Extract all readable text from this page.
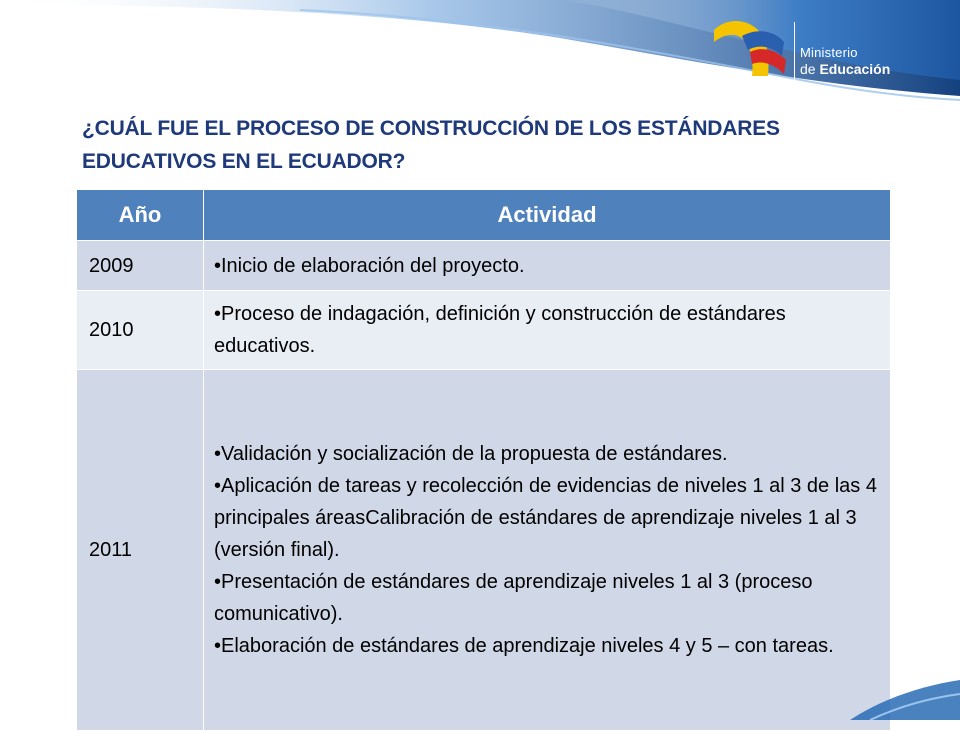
Ministerio
de Educación
¿CUÁL FUE EL PROCESO DE CONSTRUCCIÓN DE LOS ESTÁNDARES EDUCATIVOS EN EL ECUADOR?
Año	Actividad
2009	•Inicio de elaboración del proyecto.

2010	•Proceso de indagación, definición y construcción de estándares educativos.

2011	•Validación y socialización de la propuesta de estándares.
•Aplicación de tareas y recolección de evidencias de niveles 1 al 3 de las 4 principales áreasCalibración de estándares de aprendizaje niveles 1 al 3 (versión final).
•Presentación de estándares de aprendizaje niveles 1 al 3 (proceso comunicativo).
•Elaboración de estándares de aprendizaje niveles 4 y 5 – con tareas.
